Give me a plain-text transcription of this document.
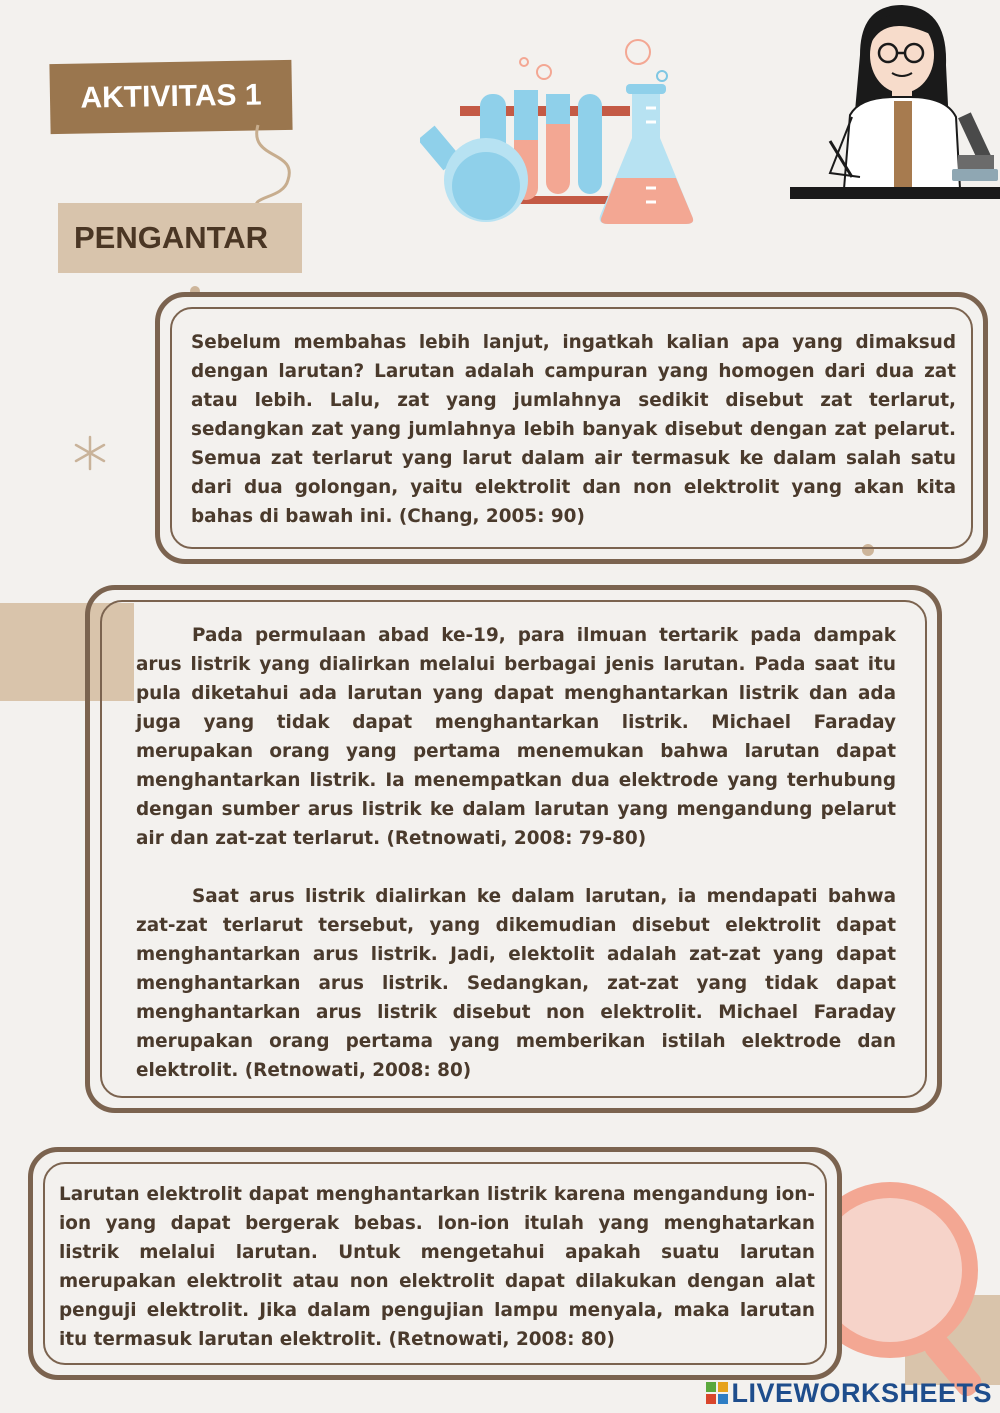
AKTIVITAS 1
PENGANTAR

Sebelum membahas lebih lanjut, ingatkah kalian apa yang dimaksud dengan larutan? Larutan adalah campuran yang homogen dari dua zat atau lebih. Lalu, zat yang jumlahnya sedikit disebut zat terlarut, sedangkan zat yang jumlahnya lebih banyak disebut dengan zat pelarut. Semua zat terlarut yang larut dalam air termasuk ke dalam salah satu dari dua golongan, yaitu elektrolit dan non elektrolit yang akan kita bahas di bawah ini. (Chang, 2005: 90)

Pada permulaan abad ke-19, para ilmuan tertarik pada dampak arus listrik yang dialirkan melalui berbagai jenis larutan. Pada saat itu pula diketahui ada larutan yang dapat menghantarkan listrik dan ada juga yang tidak dapat menghantarkan listrik. Michael Faraday merupakan orang yang pertama menemukan bahwa larutan dapat menghantarkan listrik. Ia menempatkan dua elektrode yang terhubung dengan sumber arus listrik ke dalam larutan yang mengandung pelarut air dan zat-zat terlarut. (Retnowati, 2008: 79-80)

Saat arus listrik dialirkan ke dalam larutan, ia mendapati bahwa zat-zat terlarut tersebut, yang dikemudian disebut elektrolit dapat menghantarkan arus listrik. Jadi, elektolit adalah zat-zat yang dapat menghantarkan arus listrik. Sedangkan, zat-zat yang tidak dapat menghantarkan arus listrik disebut non elektrolit. Michael Faraday merupakan orang pertama yang memberikan istilah elektrode dan elektrolit. (Retnowati, 2008: 80)

Larutan elektrolit dapat menghantarkan listrik karena mengandung ion-ion yang dapat bergerak bebas. Ion-ion itulah yang menghatarkan listrik melalui larutan. Untuk mengetahui apakah suatu larutan merupakan elektrolit atau non elektrolit dapat dilakukan dengan alat penguji elektrolit. Jika dalam pengujian lampu menyala, maka larutan itu termasuk larutan elektrolit. (Retnowati, 2008: 80)

LIVEWORKSHEETS
